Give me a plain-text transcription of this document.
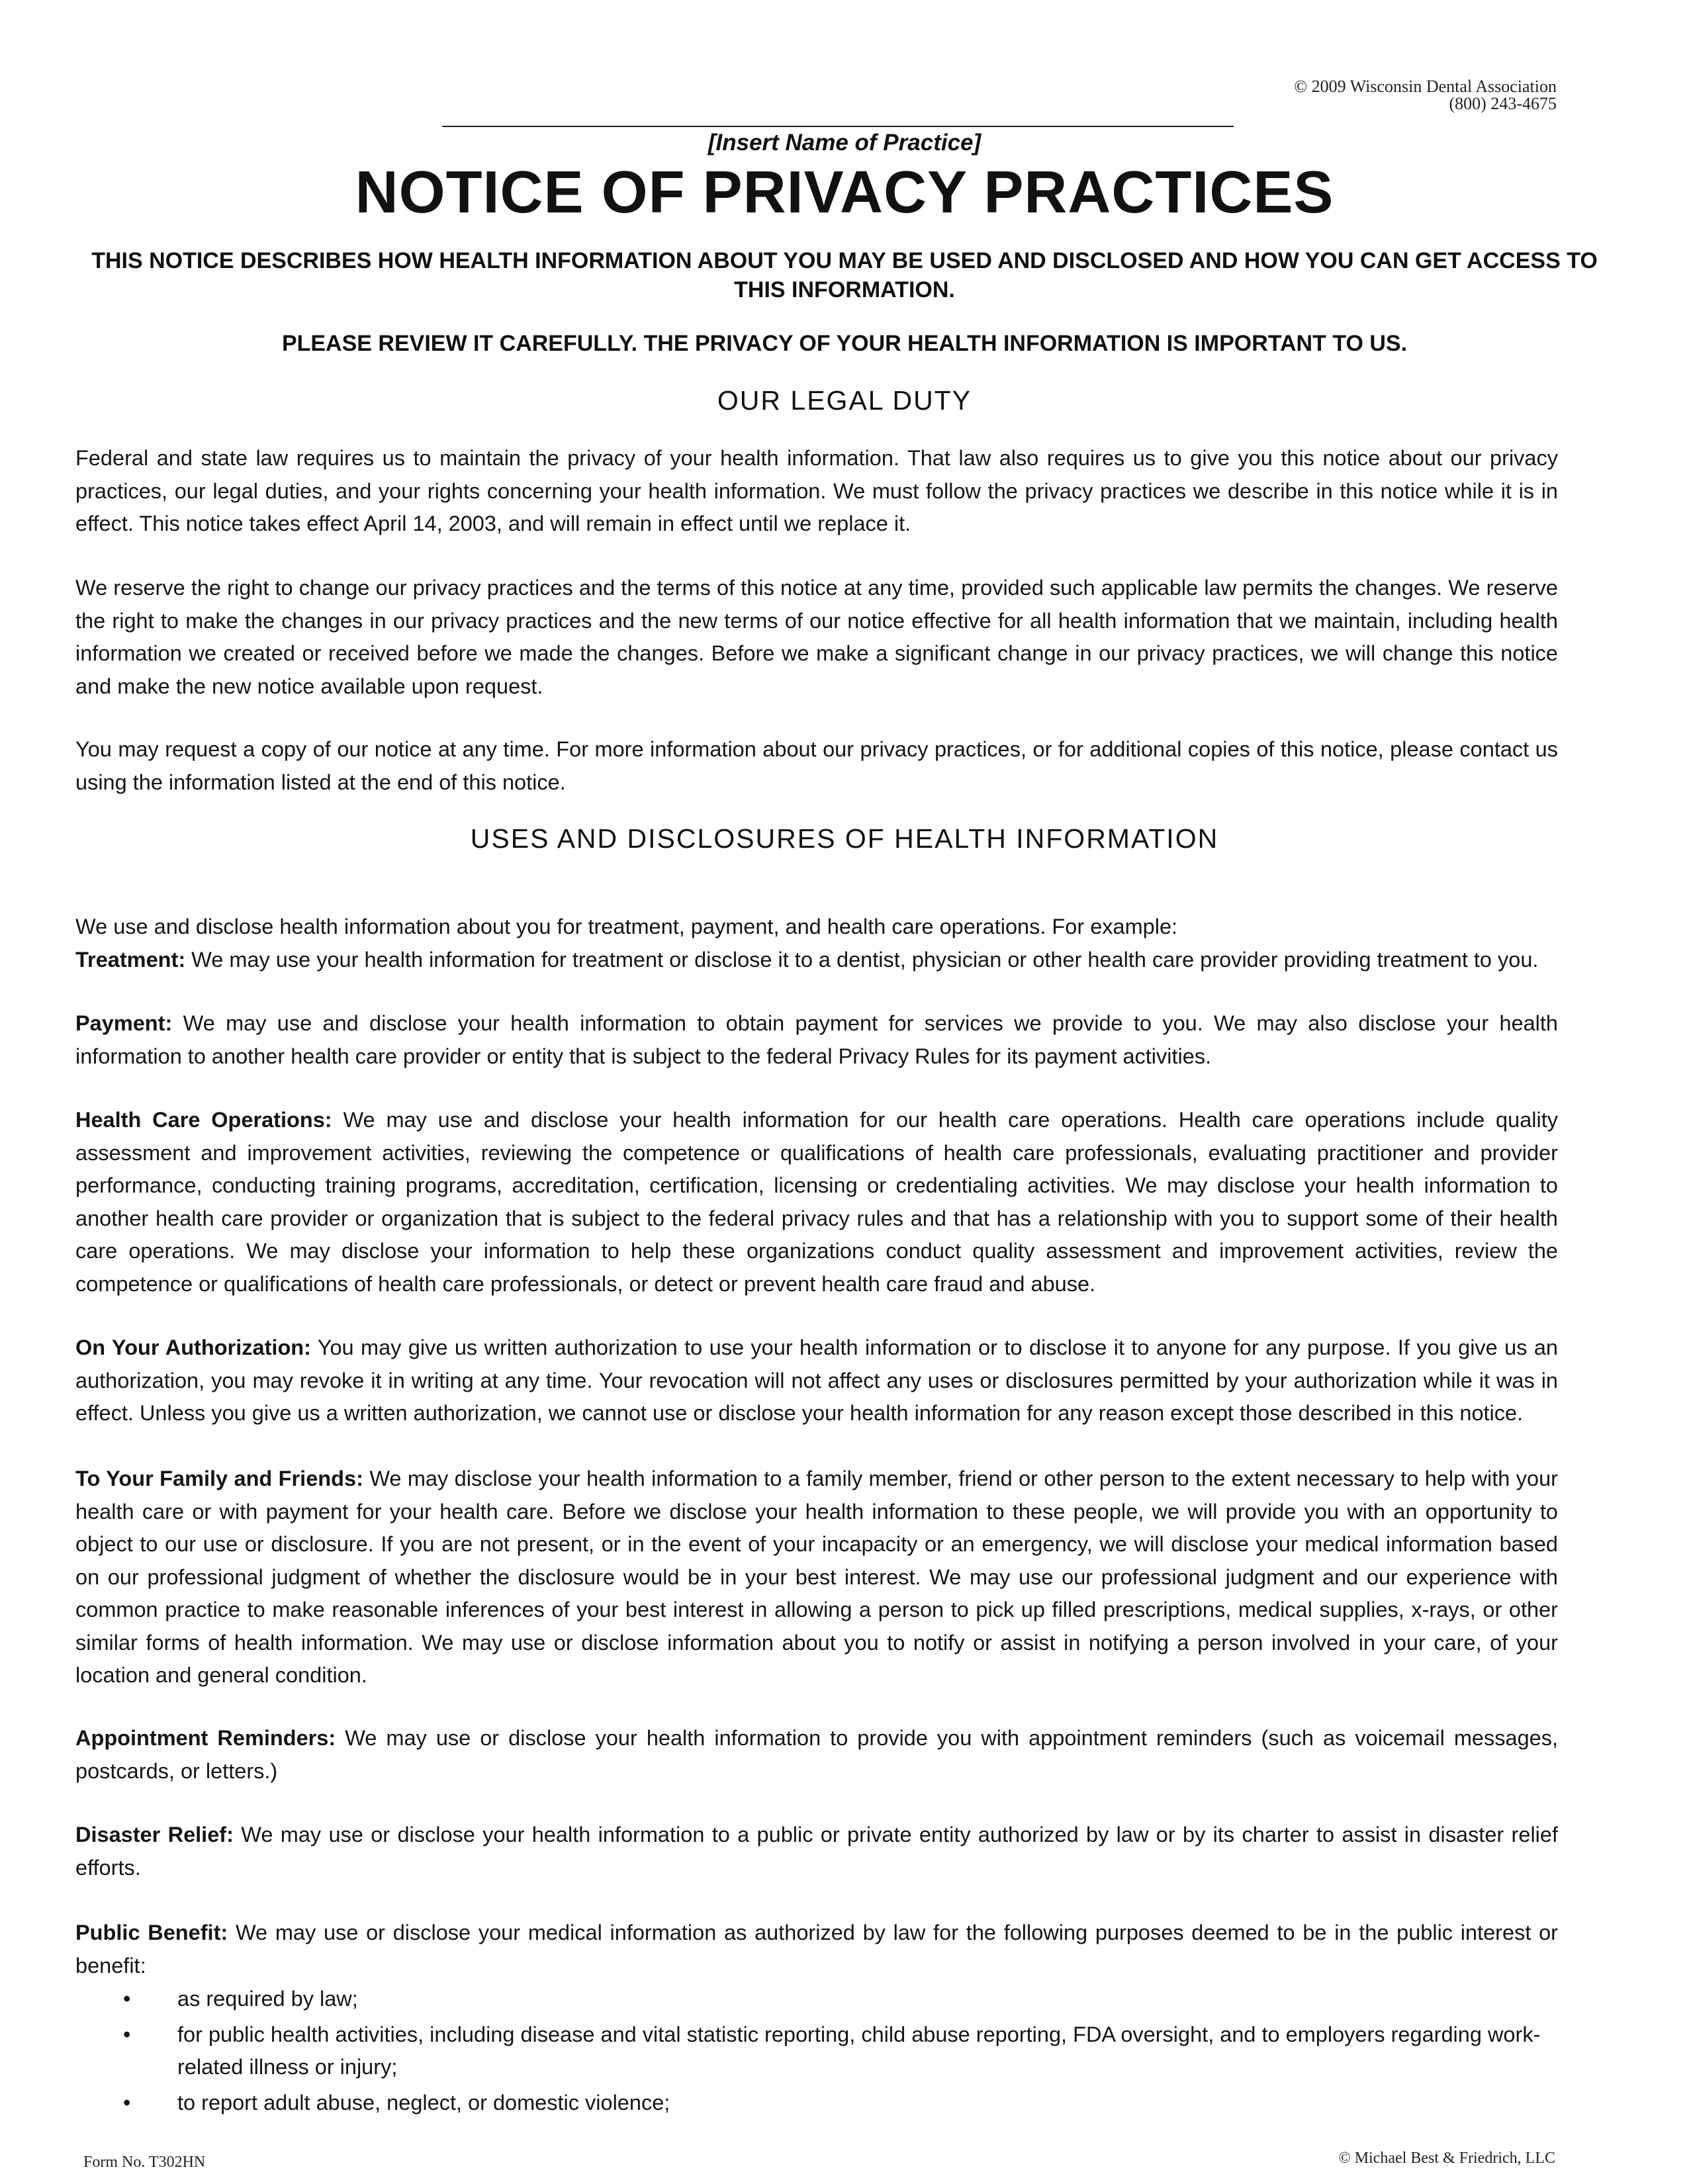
© 2009 Wisconsin Dental Association
(800) 243-4675
[Insert Name of Practice]
NOTICE OF PRIVACY PRACTICES
THIS NOTICE DESCRIBES HOW HEALTH INFORMATION ABOUT YOU MAY BE USED AND DISCLOSED AND HOW YOU CAN GET ACCESS TO THIS INFORMATION.
PLEASE REVIEW IT CAREFULLY. THE PRIVACY OF YOUR HEALTH INFORMATION IS IMPORTANT TO US.
OUR LEGAL DUTY
Federal and state law requires us to maintain the privacy of your health information. That law also requires us to give you this notice about our privacy practices, our legal duties, and your rights concerning your health information. We must follow the privacy practices we describe in this notice while it is in effect. This notice takes effect April 14, 2003, and will remain in effect until we replace it.
We reserve the right to change our privacy practices and the terms of this notice at any time, provided such applicable law permits the changes. We reserve the right to make the changes in our privacy practices and the new terms of our notice effective for all health information that we maintain, including health information we created or received before we made the changes. Before we make a significant change in our privacy practices, we will change this notice and make the new notice available upon request.
You may request a copy of our notice at any time. For more information about our privacy practices, or for additional copies of this notice, please contact us using the information listed at the end of this notice.
USES AND DISCLOSURES OF HEALTH INFORMATION
We use and disclose health information about you for treatment, payment, and health care operations. For example:
Treatment: We may use your health information for treatment or disclose it to a dentist, physician or other health care provider providing treatment to you.
Payment: We may use and disclose your health information to obtain payment for services we provide to you. We may also disclose your health information to another health care provider or entity that is subject to the federal Privacy Rules for its payment activities.
Health Care Operations: We may use and disclose your health information for our health care operations. Health care operations include quality assessment and improvement activities, reviewing the competence or qualifications of health care professionals, evaluating practitioner and provider performance, conducting training programs, accreditation, certification, licensing or credentialing activities. We may disclose your health information to another health care provider or organization that is subject to the federal privacy rules and that has a relationship with you to support some of their health care operations. We may disclose your information to help these organizations conduct quality assessment and improvement activities, review the competence or qualifications of health care professionals, or detect or prevent health care fraud and abuse.
On Your Authorization: You may give us written authorization to use your health information or to disclose it to anyone for any purpose. If you give us an authorization, you may revoke it in writing at any time. Your revocation will not affect any uses or disclosures permitted by your authorization while it was in effect. Unless you give us a written authorization, we cannot use or disclose your health information for any reason except those described in this notice.
To Your Family and Friends: We may disclose your health information to a family member, friend or other person to the extent necessary to help with your health care or with payment for your health care. Before we disclose your health information to these people, we will provide you with an opportunity to object to our use or disclosure. If you are not present, or in the event of your incapacity or an emergency, we will disclose your medical information based on our professional judgment of whether the disclosure would be in your best interest. We may use our professional judgment and our experience with common practice to make reasonable inferences of your best interest in allowing a person to pick up filled prescriptions, medical supplies, x-rays, or other similar forms of health information. We may use or disclose information about you to notify or assist in notifying a person involved in your care, of your location and general condition.
Appointment Reminders: We may use or disclose your health information to provide you with appointment reminders (such as voicemail messages, postcards, or letters.)
Disaster Relief: We may use or disclose your health information to a public or private entity authorized by law or by its charter to assist in disaster relief efforts.
Public Benefit: We may use or disclose your medical information as authorized by law for the following purposes deemed to be in the public interest or benefit:
• as required by law;
• for public health activities, including disease and vital statistic reporting, child abuse reporting, FDA oversight, and to employers regarding work-related illness or injury;
• to report adult abuse, neglect, or domestic violence;
Form No. T302HN	© Michael Best & Friedrich, LLC
